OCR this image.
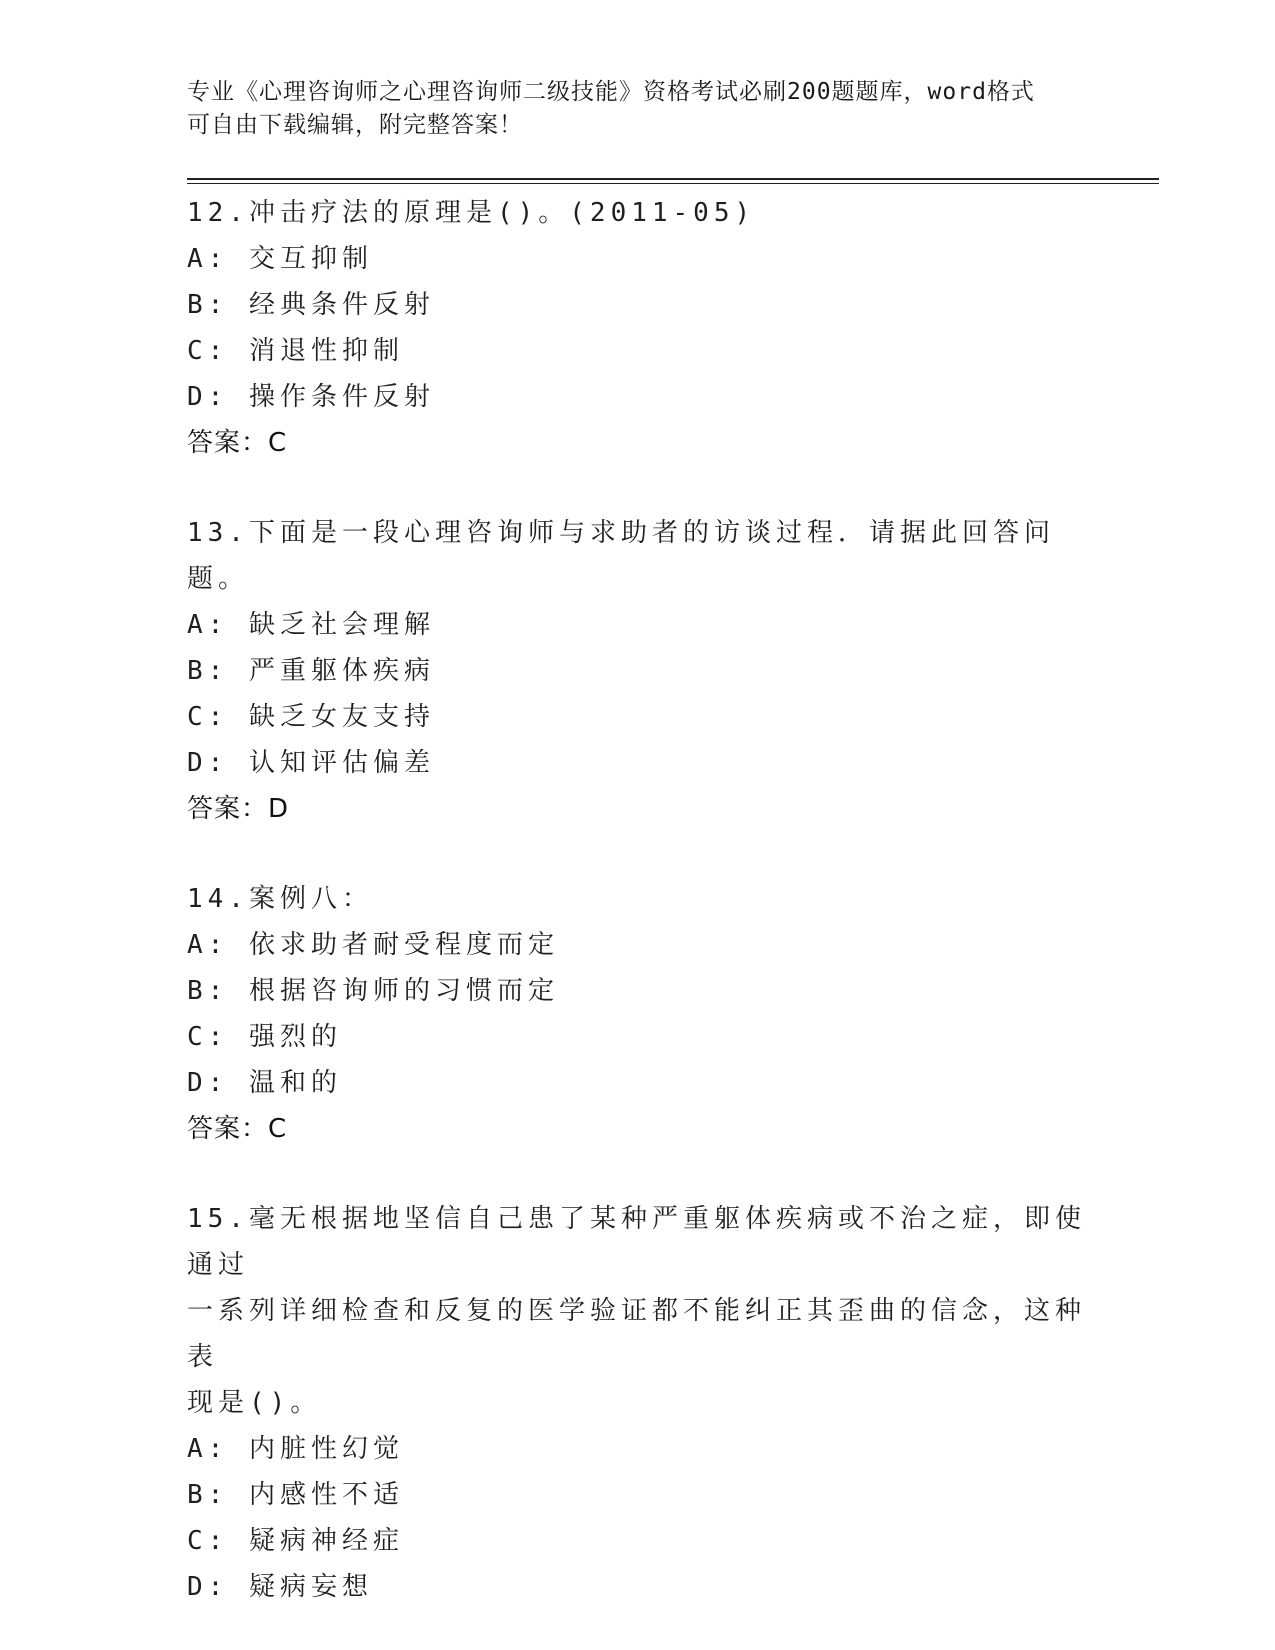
专业《心理咨询师之心理咨询师二级技能》资格考试必刷200题题库，word格式
可自由下载编辑，附完整答案！
12.冲击疗法的原理是()。(2011-05)
A: 交互抑制
B: 经典条件反射
C: 消退性抑制
D: 操作条件反射
答案：C
13.下面是一段心理咨询师与求助者的访谈过程．请据此回答问题。
A: 缺乏社会理解
B: 严重躯体疾病
C: 缺乏女友支持
D: 认知评估偏差
答案：D
14.案例八：
A: 依求助者耐受程度而定
B: 根据咨询师的习惯而定
C: 强烈的
D: 温和的
答案：C
15.毫无根据地坚信自己患了某种严重躯体疾病或不治之症，即使通过
一系列详细检查和反复的医学验证都不能纠正其歪曲的信念，这种表
现是()。
A: 内脏性幻觉
B: 内感性不适
C: 疑病神经症
D: 疑病妄想
